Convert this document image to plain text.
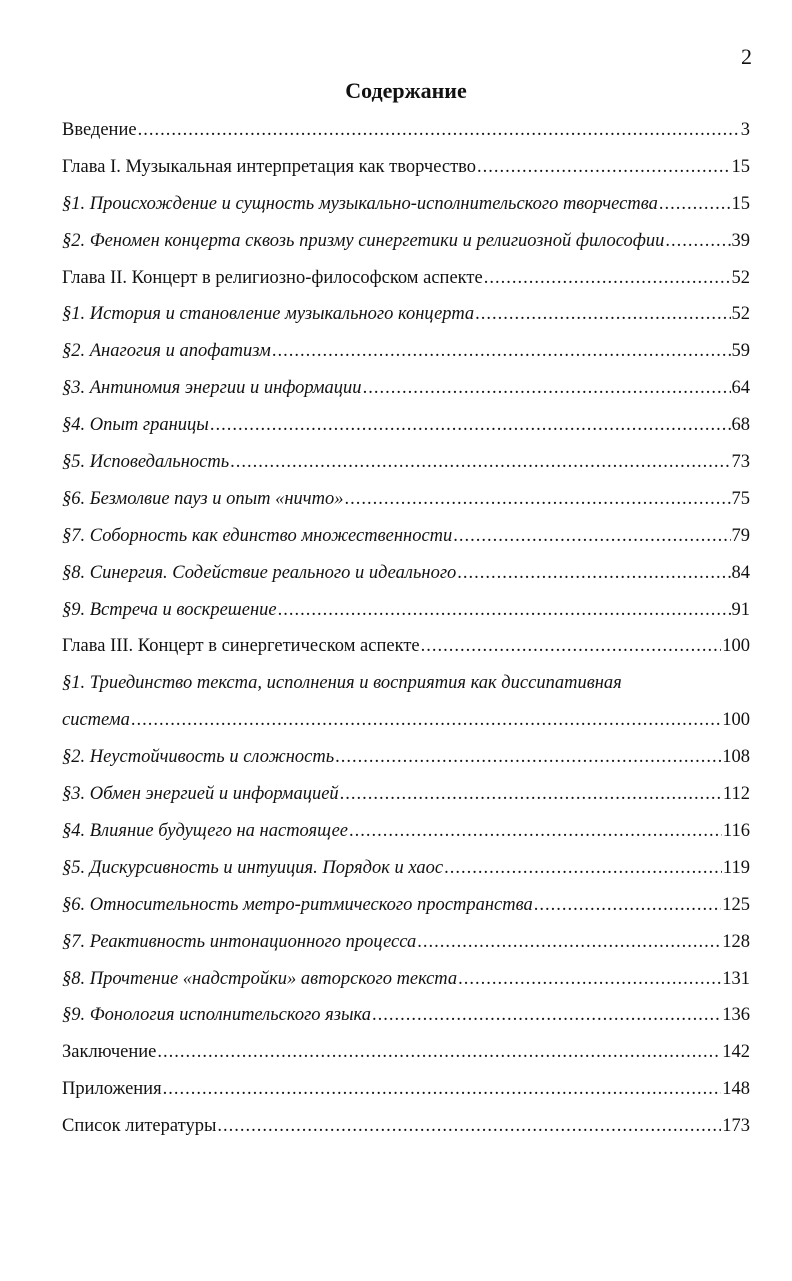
2
Содержание
Введение .....	3
Глава I. Музыкальная интерпретация как творчество .....	15
§1. Происхождение и сущность музыкально-исполнительского творчества .....	15
§2. Феномен концерта сквозь призму синергетики и религиозной философии .....	39
Глава II. Концерт в религиозно-философском аспекте .....	52
§1. История и становление музыкального концерта .....	52
§2. Анагогия и апофатизм .....	59
§3. Антиномия энергии и информации .....	64
§4. Опыт границы .....	68
§5. Исповедальность .....	73
§6. Безмолвие пауз и опыт «ничто» .....	75
§7. Соборность как единство множественности .....	79
§8. Синергия. Содействие реального и идеального .....	84
§9. Встреча и воскрешение .....	91
Глава III. Концерт в синергетическом аспекте .....	100
§1. Триединство текста, исполнения и восприятия как диссипативная
система .....	100
§2. Неустойчивость и сложность .....	108
§3. Обмен энергией и информацией .....	112
§4. Влияние будущего на настоящее .....	116
§5. Дискурсивность и интуиция. Порядок и хаос .....	119
§6. Относительность метро-ритмического пространства .....	125
§7. Реактивность интонационного процесса .....	128
§8. Прочтение «надстройки» авторского текста .....	131
§9. Фонология исполнительского языка .....	136
Заключение .....	142
Приложения .....	148
Список литературы .....	173
